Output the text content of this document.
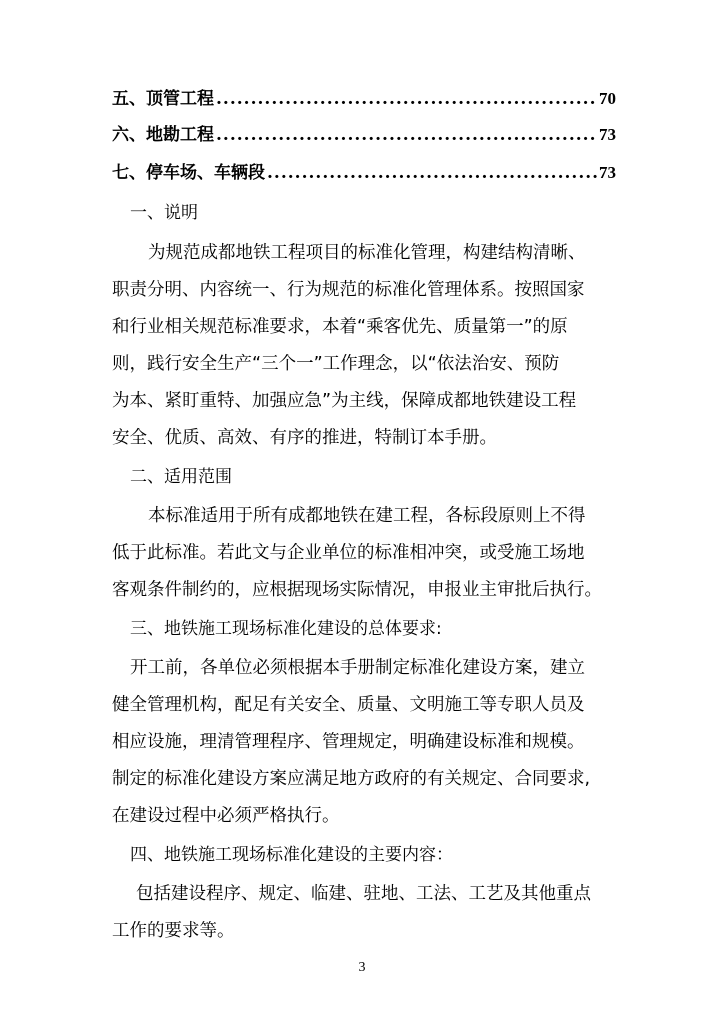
五、顶管工程 .....	70
六、地勘工程 .....	73
七、停车场、车辆段 .....	73
一、说明
为规范成都地铁工程项目的标准化管理，构建结构清晰、
职责分明、内容统一、行为规范的标准化管理体系。按照国家
和行业相关规范标准要求，本着“乘客优先、质量第一”的原
则，践行安全生产“三个一”工作理念，以“依法治安、预防
为本、紧盯重特、加强应急”为主线，保障成都地铁建设工程
安全、优质、高效、有序的推进，特制订本手册。
二、适用范围
本标准适用于所有成都地铁在建工程，各标段原则上不得
低于此标准。若此文与企业单位的标准相冲突，或受施工场地
客观条件制约的，应根据现场实际情况，申报业主审批后执行。
三、地铁施工现场标准化建设的总体要求:
开工前，各单位必须根据本手册制定标准化建设方案，建立
健全管理机构，配足有关安全、质量、文明施工等专职人员及
相应设施，理清管理程序、管理规定，明确建设标准和规模。
制定的标准化建设方案应满足地方政府的有关规定、合同要求,
在建设过程中必须严格执行。
四、地铁施工现场标准化建设的主要内容：
包括建设程序、规定、临建、驻地、工法、工艺及其他重点
工作的要求等。
3
